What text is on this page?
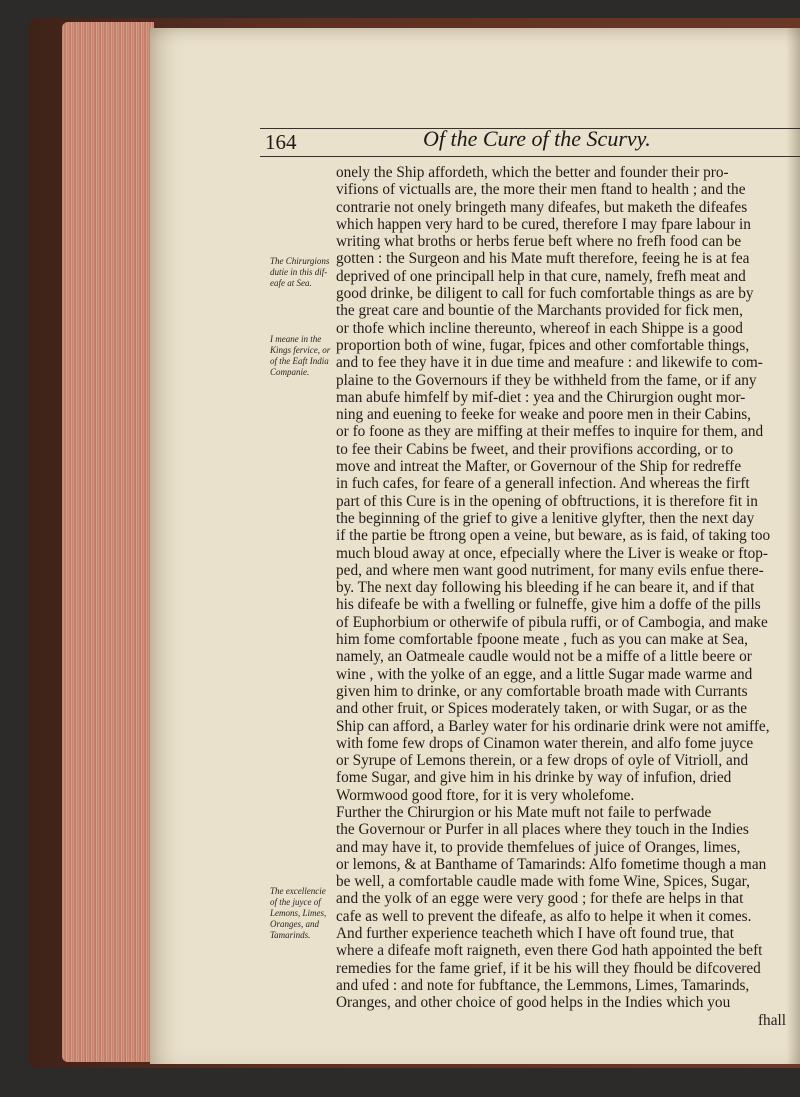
164	Of the Cure of the Scurvy.
onely the Ship affordeth, which the better and founder their pro-
vifions of victualls are, the more their men ftand to health ; and the
contrarie not onely bringeth many difeafes, but maketh the difeafes
which happen very hard to be cured, therefore I may fpare labour in
writing what broths or herbs ferue beft where no frefh food can be
gotten : the Surgeon and his Mate muft therefore, feeing he is at fea
deprived of one principall help in that cure, namely, frefh meat and
good drinke, be diligent to call for fuch comfortable things as are by
the great care and bountie of the Marchants provided for fick men,
or thofe which incline thereunto, whereof in each Shippe is a good
proportion both of wine, fugar, fpices and other comfortable things,
and to fee they have it in due time and meafure : and likewife to com-
plaine to the Governours if they be withheld from the fame, or if any
man abufe himfelf by mif-diet : yea and the Chirurgion ought mor-
ning and euening to feeke for weake and poore men in their Cabins,
or fo foone as they are miffing at their meffes to inquire for them, and
to fee their Cabins be fweet, and their provifions according, or to
move and intreat the Mafter, or Governour of the Ship for redreffe
in fuch cafes, for feare of a generall infection. And whereas the firft
part of this Cure is in the opening of obftructions, it is therefore fit in
the beginning of the grief to give a lenitive glyfter, then the next day
if the partie be ftrong open a veine, but beware, as is faid, of taking too
much bloud away at once, efpecially where the Liver is weake or ftop-
ped, and where men want good nutriment, for many evils enfue there-
by. The next day following his bleeding if he can beare it, and if that
his difeafe be with a fwelling or fulneffe, give him a doffe of the pills
of Euphorbium or otherwife of pibula ruffi, or of Cambogia, and make
him fome comfortable fpoone meate , fuch as you can make at Sea,
namely, an Oatmeale caudle would not be a miffe of a little beere or
wine , with the yolke of an egge, and a little Sugar made warme and
given him to drinke, or any comfortable broath made with Currants
and other fruit, or Spices moderately taken, or with Sugar, or as the
Ship can afford, a Barley water for his ordinarie drink were not amiffe,
with fome few drops of Cinamon water therein, and alfo fome juyce
or Syrupe of Lemons therein, or a few drops of oyle of Vitrioll, and
fome Sugar, and give him in his drinke by way of infufion, dried
Wormwood good ftore, for it is very wholefome.
Further the Chirurgion or his Mate muft not faile to perfwade
the Governour or Purfer in all places where they touch in the Indies
and may have it, to provide themfelues of juice of Oranges, limes,
or lemons, & at Banthame of Tamarinds: Alfo fometime though a man
be well, a comfortable caudle made with fome Wine, Spices, Sugar,
and the yolk of an egge were very good ; for thefe are helps in that
cafe as well to prevent the difeafe, as alfo to helpe it when it comes.
And further experience teacheth which I have oft found true, that
where a difeafe moft raigneth, even there God hath appointed the beft
remedies for the fame grief, if it be his will they fhould be difcovered
and ufed : and note for fubftance, the Lemmons, Limes, Tamarinds,
Oranges, and other choice of good helps in the Indies which you
fhall
The Chirurgions
dutie in this dif-
eafe at Sea.
I meane in the
Kings fervice, or
of the Eaft India
Companie.
The excellencie
of the juyce of
Lemons, Limes,
Oranges, and
Tamarinds.
